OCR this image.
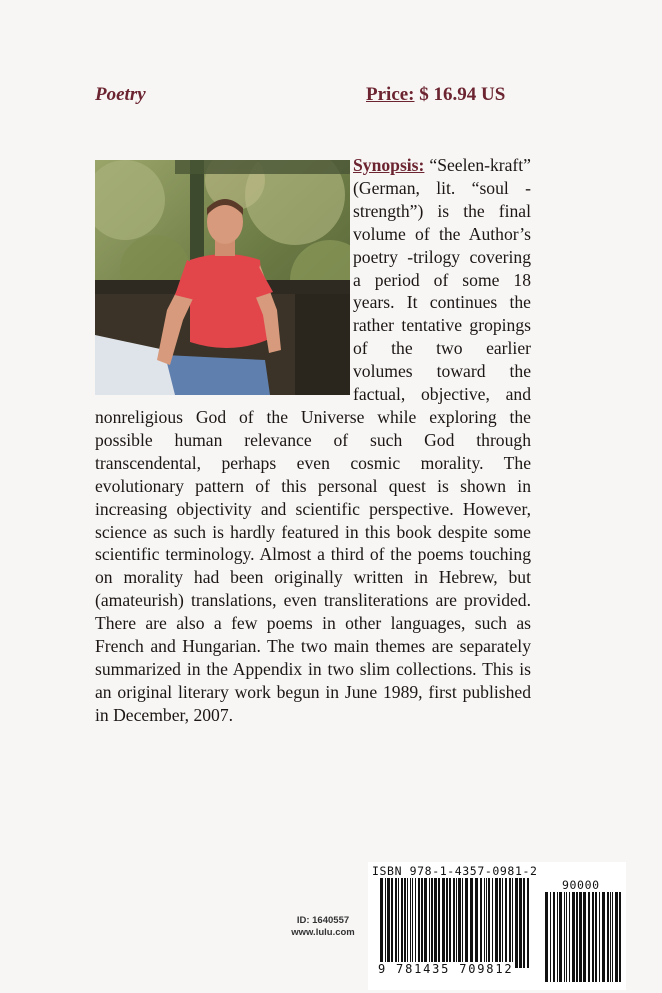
Poetry	Price: $ 16.94 US
Synopsis: “Seelen-kraft” (German, lit. “soul - strength”) is the final volume of the Author’s poetry -trilogy covering a period of some 18 years. It continues the rather tentative gropings of the two earlier volumes toward the factual, objective, and nonreligious God of the Universe while exploring the possible human relevance of such God through transcendental, perhaps even cosmic morality. The evolutionary pattern of this personal quest is shown in increasing objectivity and scientific perspective. However, science as such is hardly featured in this book despite some scientific terminology. Almost a third of the poems touching on morality had been originally written in Hebrew, but (amateurish) translations, even transliterations are provided. There are also a few poems in other languages, such as French and Hungarian. The two main themes are separately summarized in the Appendix in two slim collections. This is an original literary work begun in June 1989, first published in December, 2007.
ID: 1640557
www.lulu.com
ISBN 978-1-4357-0981-2
90000
9 781435 709812
